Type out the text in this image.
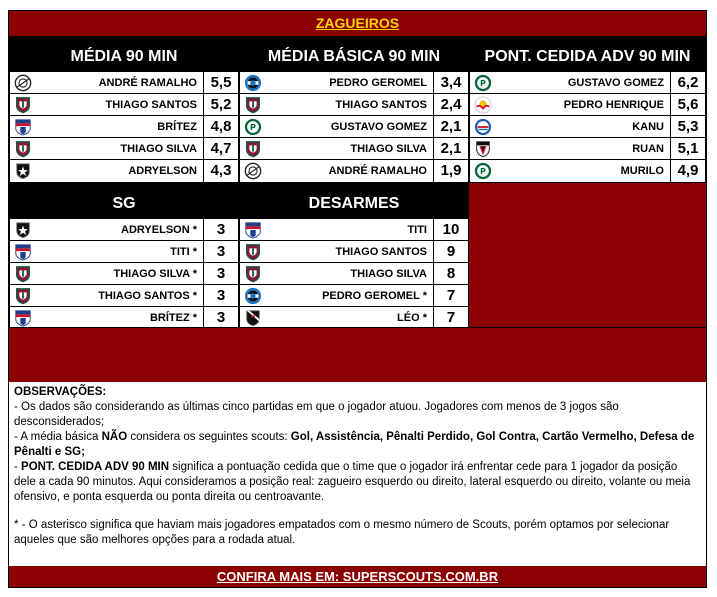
ZAGUEIROS
MÉDIA 90 MIN
ANDRÉ RAMALHO 5,5
THIAGO SANTOS 5,2
BRÍTEZ 4,8
THIAGO SILVA 4,7
ADRYELSON 4,3
MÉDIA BÁSICA 90 MIN
PEDRO GEROMEL 3,4
THIAGO SANTOS 2,4
P	GUSTAVO GOMEZ 2,1
THIAGO SILVA 2,1
ANDRÉ RAMALHO 1,9
PONT. CEDIDA ADV 90 MIN
P	GUSTAVO GOMEZ 6,2
PEDRO HENRIQUE 5,6
KANU 5,3
RUAN 5,1
P	MURILO 4,9
SG
ADRYELSON *	3
TITI *	3
THIAGO SILVA *	3
THIAGO SANTOS *	3
BRÍTEZ *	3
DESARMES
TITI	10
THIAGO SANTOS	9
THIAGO SILVA	8
PEDRO GEROMEL *	7
LÉO *	7

OBSERVAÇÕES:

- Os dados são considerando as últimas cinco partidas em que o jogador atuou. Jogadores com menos de 3 jogos são desconsiderados;

- A média básica NÃO considera os seguintes scouts: Gol, Assistência, Pênalti Perdido, Gol Contra, Cartão Vermelho, Defesa de Pênalti e SG;

- PONT. CEDIDA ADV 90 MIN significa a pontuação cedida que o time que o jogador irá enfrentar cede para 1 jogador da posição dele a cada 90 minutos. Aqui consideramos a posição real: zagueiro esquerdo ou direito, lateral esquerdo ou direito, volante ou meia ofensivo, e ponta esquerda ou ponta direita ou centroavante.

* - O asterisco significa que haviam mais jogadores empatados com o mesmo número de Scouts, porém optamos por selecionar aqueles que são melhores opções para a rodada atual.

CONFIRA MAIS EM: SUPERSCOUTS.COM.BR
